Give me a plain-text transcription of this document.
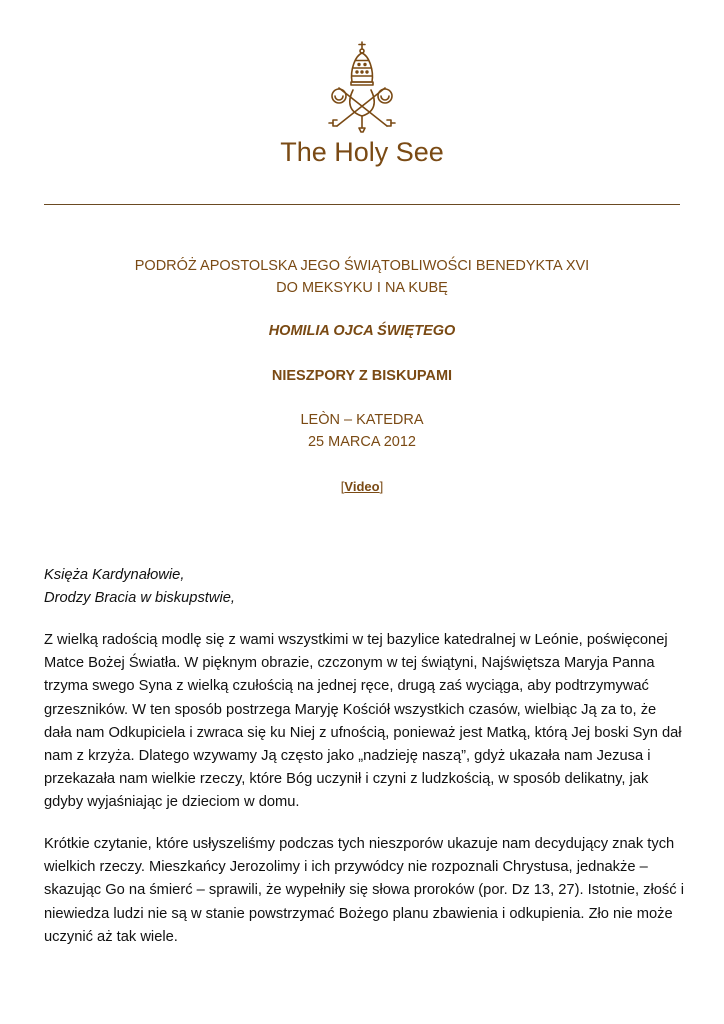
The Holy See
PODRÓŻ APOSTOLSKA JEGO ŚWIĄTOBLIWOŚCI BENEDYKTA XVI
DO MEKSYKU I NA KUBĘ
HOMILIA OJCA ŚWIĘTEGO
NIESZPORY Z BISKUPAMI
LEÒN – KATEDRA
25 MARCA 2012
[Video]
Księża Kardynałowie,
Drodzy Bracia w biskupstwie,
Z wielką radością modlę się z wami wszystkimi w tej bazylice katedralnej w Leónie, poświęconej
Matce Bożej Światła. W pięknym obrazie, czczonym w tej świątyni, Najświętsza Maryja Panna
trzyma swego Syna z wielką czułością na jednej ręce, drugą zaś wyciąga, aby podtrzymywać
grzeszników. W ten sposób postrzega Maryję Kościół wszystkich czasów, wielbiąc Ją za to, że
dała nam Odkupiciela i zwraca się ku Niej z ufnością, ponieważ jest Matką, którą Jej boski Syn dał
nam z krzyża. Dlatego wzywamy Ją często jako „nadzieję naszą”, gdyż ukazała nam Jezusa i
przekazała nam wielkie rzeczy, które Bóg uczynił i czyni z ludzkością, w sposób delikatny, jak
gdyby wyjaśniając je dzieciom w domu.
Krótkie czytanie, które usłyszeliśmy podczas tych nieszporów ukazuje nam decydujący znak tych
wielkich rzeczy. Mieszkańcy Jerozolimy i ich przywódcy nie rozpoznali Chrystusa, jednakże –
skazując Go na śmierć – sprawili, że wypełniły się słowa proroków (por. Dz 13, 27). Istotnie, złość i
niewiedza ludzi nie są w stanie powstrzymać Bożego planu zbawienia i odkupienia. Zło nie może
uczynić aż tak wiele.
